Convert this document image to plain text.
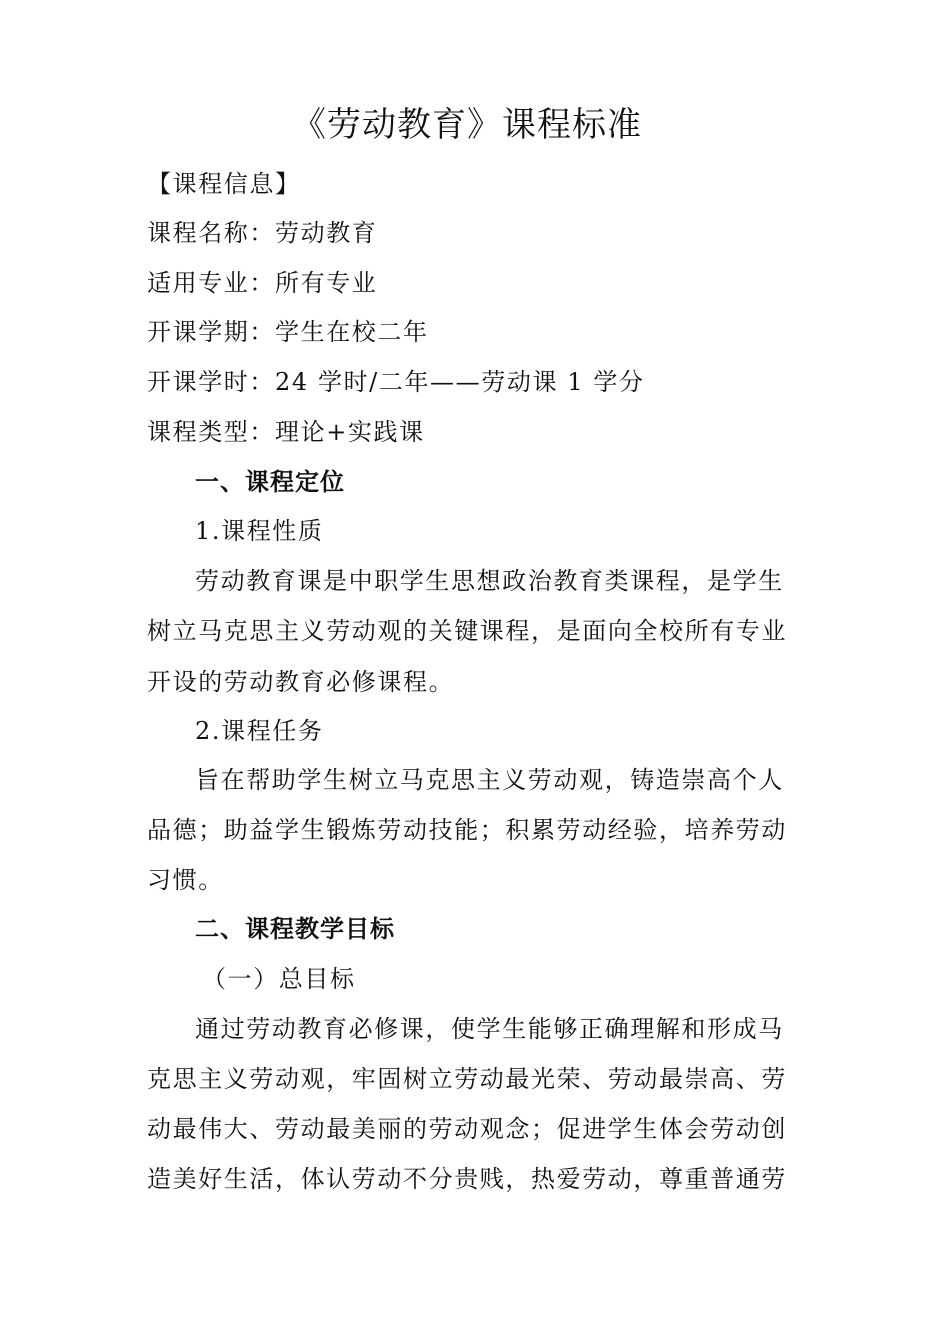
《劳动教育》课程标准
【课程信息】
课程名称：劳动教育
适用专业：所有专业
开课学期：学生在校二年
开课学时：24 学时/二年——劳动课 1 学分
课程类型：理论+实践课
一、课程定位
1.课程性质
劳动教育课是中职学生思想政治教育类课程，是学生
树立马克思主义劳动观的关键课程，是面向全校所有专业
开设的劳动教育必修课程。
2.课程任务
旨在帮助学生树立马克思主义劳动观，铸造崇高个人
品德；助益学生锻炼劳动技能；积累劳动经验，培养劳动
习惯。
二、课程教学目标
（一）总目标
通过劳动教育必修课，使学生能够正确理解和形成马
克思主义劳动观，牢固树立劳动最光荣、劳动最崇高、劳
动最伟大、劳动最美丽的劳动观念；促进学生体会劳动创
造美好生活，体认劳动不分贵贱，热爱劳动，尊重普通劳
